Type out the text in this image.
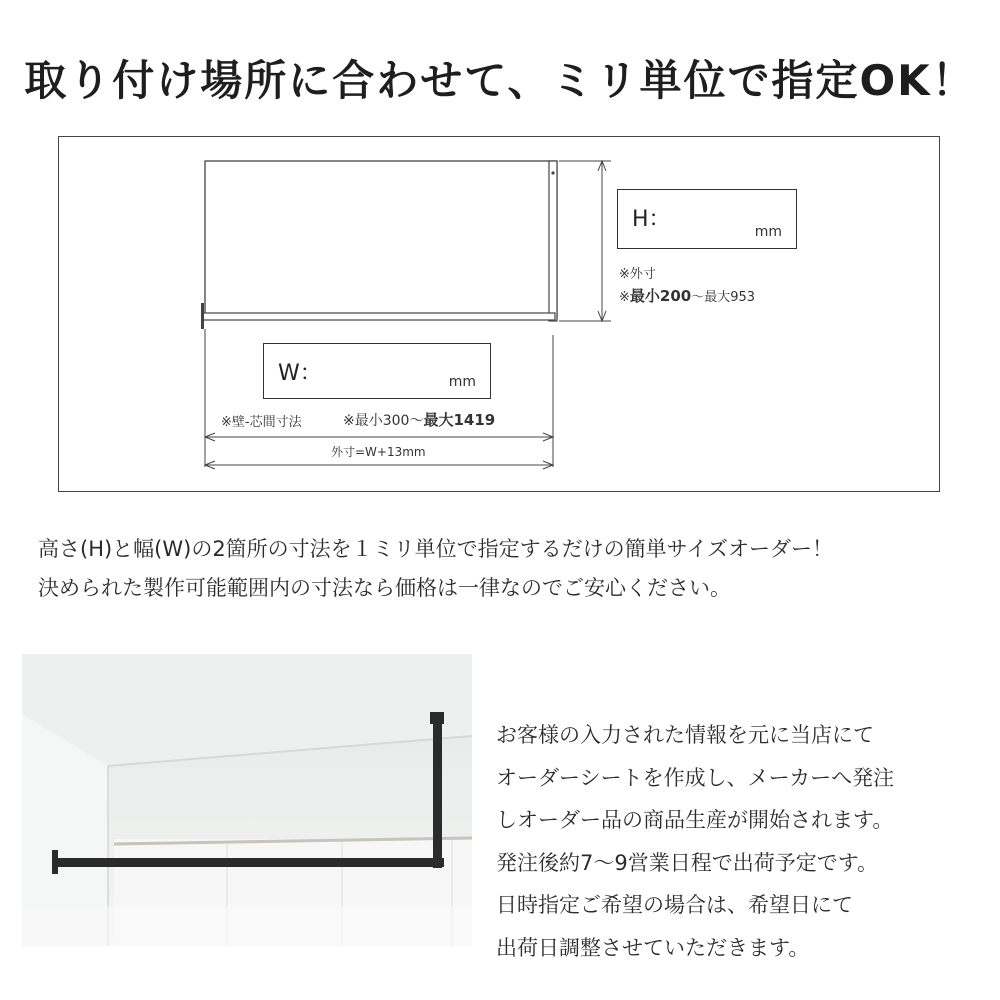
取り付け場所に合わせて、ミリ単位で指定OK！
H：	mm
※外寸
※最小200～最大953
W：	mm
※壁-芯間寸法	※最小300～最大1419
外寸=W+13mm
高さ(H)と幅(W)の2箇所の寸法を１ミリ単位で指定するだけの簡単サイズオーダー！
決められた製作可能範囲内の寸法なら価格は一律なのでご安心ください。
お客様の入力された情報を元に当店にて
オーダーシートを作成し、メーカーへ発注
しオーダー品の商品生産が開始されます。
発注後約7～9営業日程で出荷予定です。
日時指定ご希望の場合は、希望日にて
出荷日調整させていただきます。
